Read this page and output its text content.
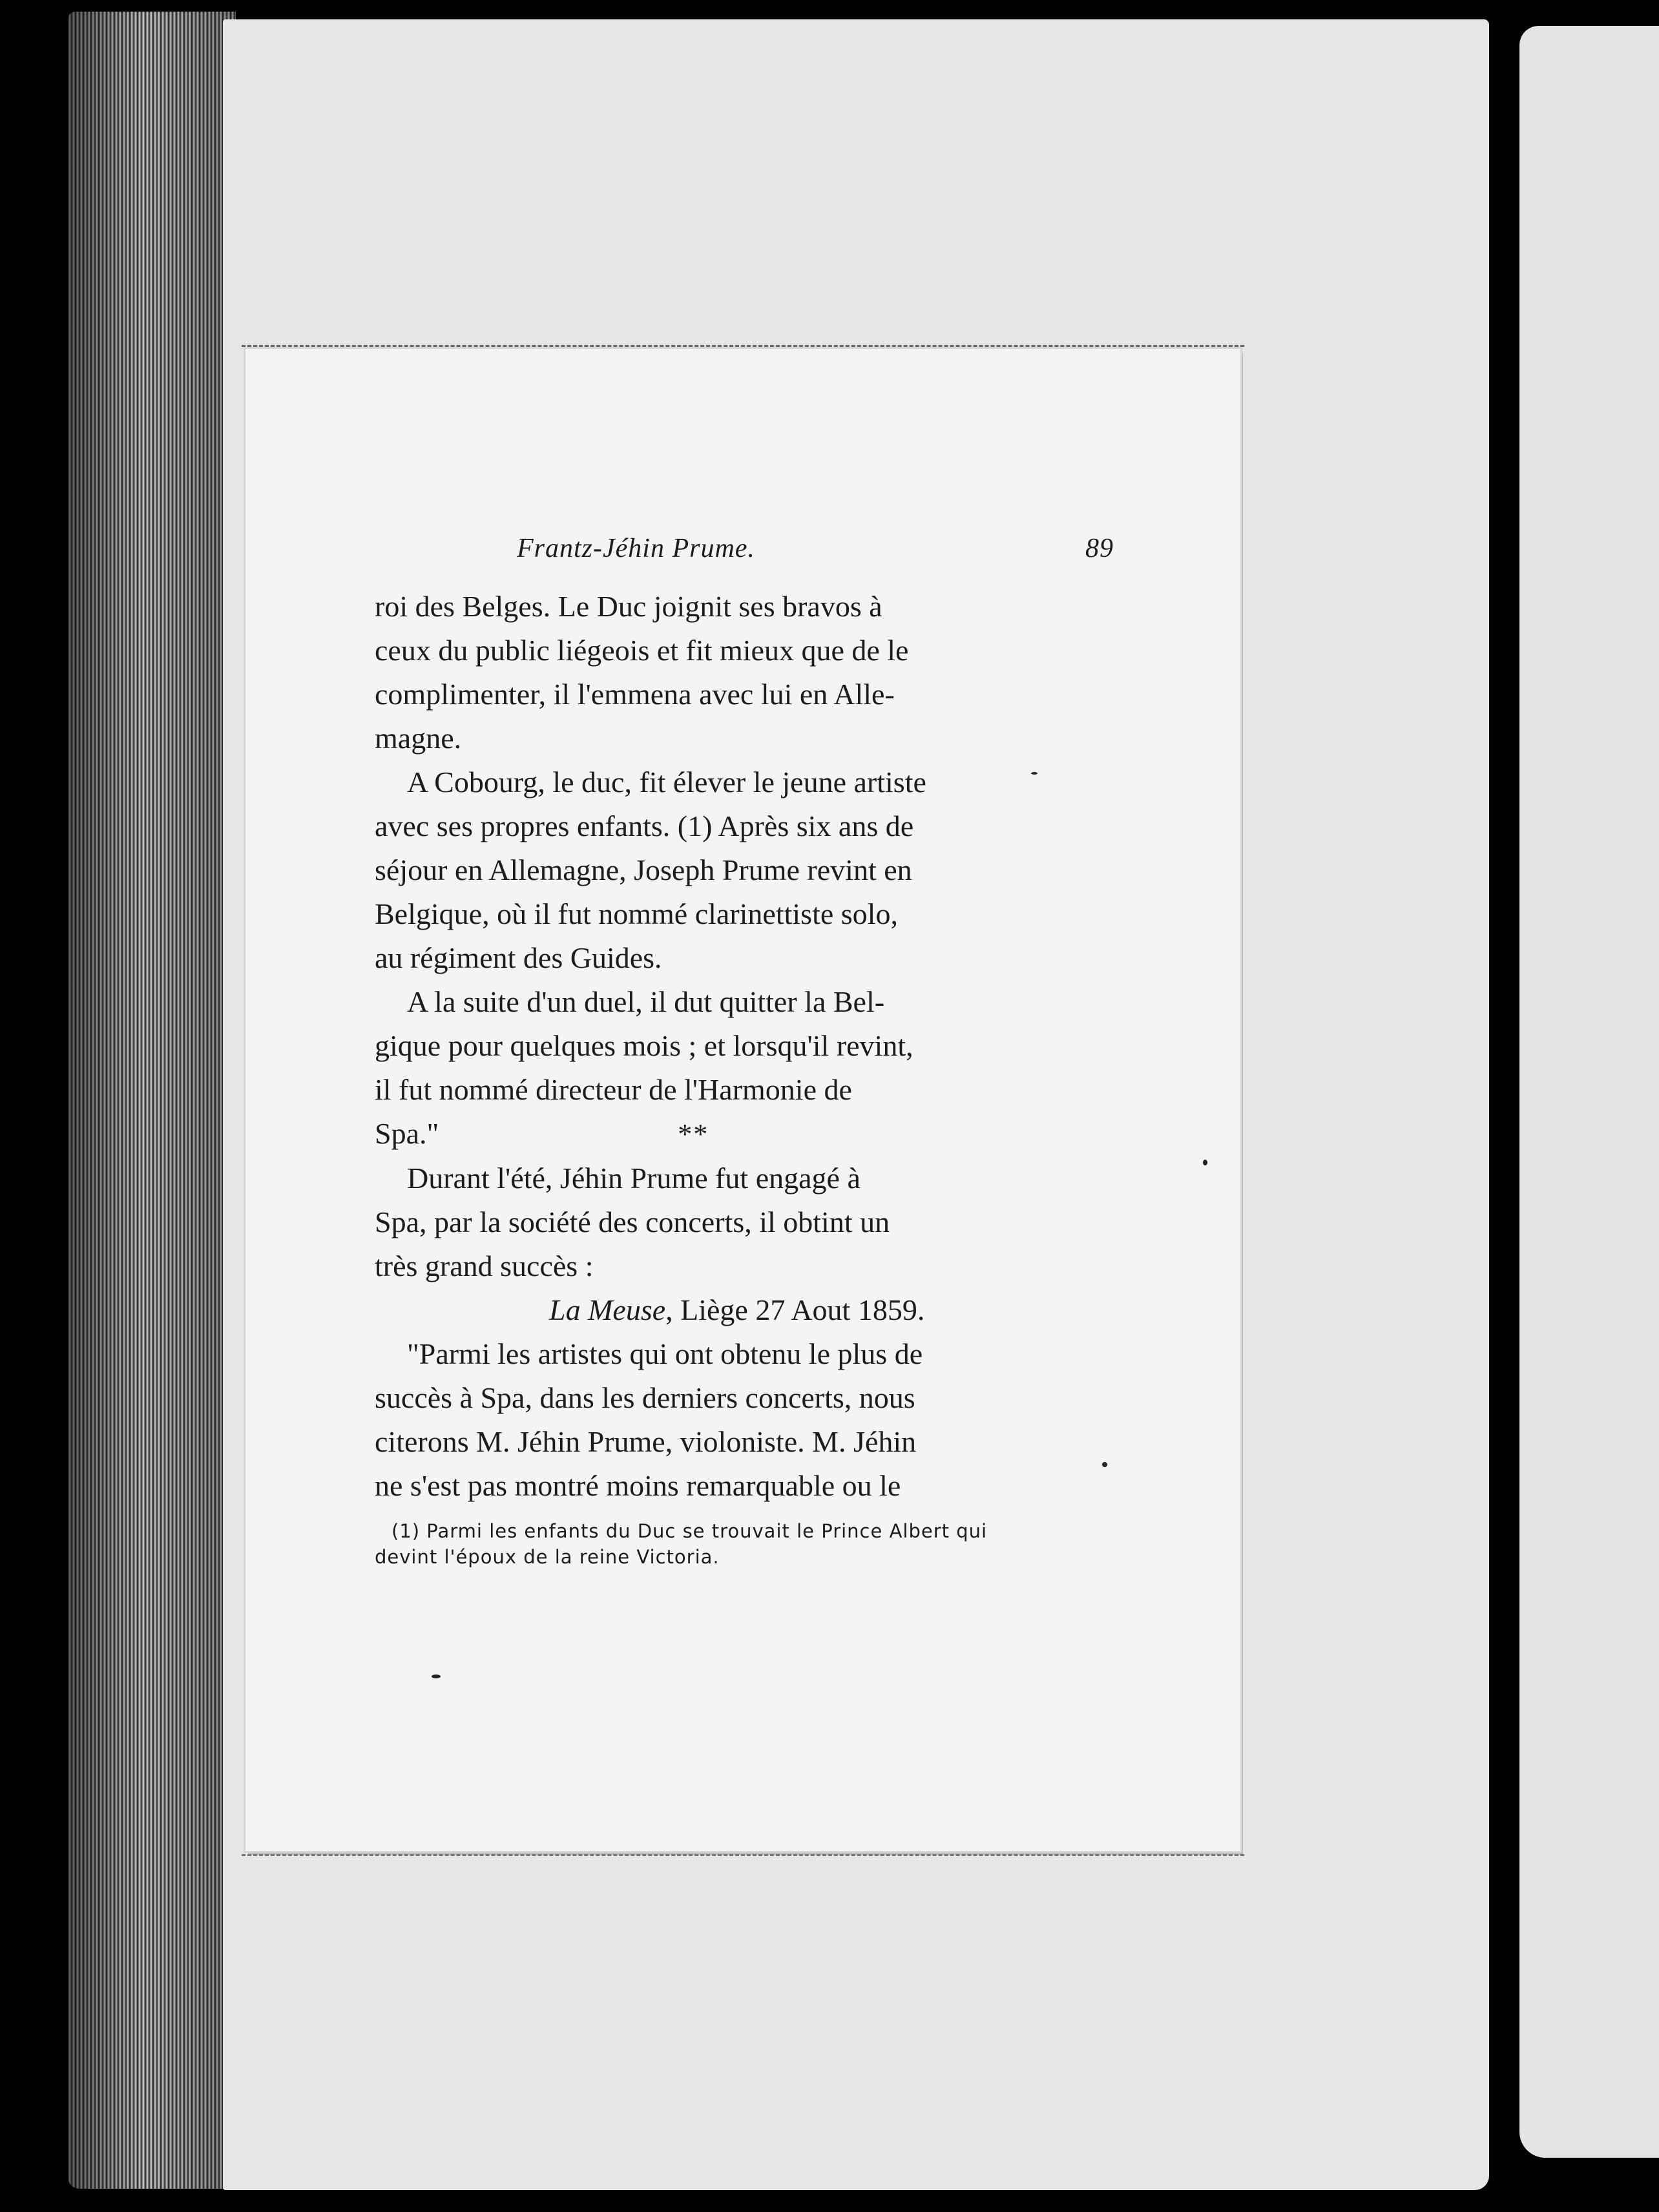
Frantz-Jéhin Prume.	89

roi des Belges. Le Duc joignit ses bravos à

ceux du public liégeois et fit mieux que de le

complimenter, il l'emmena avec lui en Alle-

magne.

A Cobourg, le duc, fit élever le jeune artiste

avec ses propres enfants. (1) Après six ans de

séjour en Allemagne, Joseph Prume revint en

Belgique, où il fut nommé clarinettiste solo,

au régiment des Guides.

A la suite d'un duel, il dut quitter la Bel-

gique pour quelques mois ; et lorsqu'il revint,

il fut nommé directeur de l'Harmonie de

Spa."	**

Durant l'été, Jéhin Prume fut engagé à

Spa, par la société des concerts, il obtint un

très grand succès :

La Meuse, Liège 27 Aout 1859.

"Parmi les artistes qui ont obtenu le plus de

succès à Spa, dans les derniers concerts, nous

citerons M. Jéhin Prume, violoniste. M. Jéhin

ne s'est pas montré moins remarquable ou le

(1) Parmi les enfants du Duc se trouvait le Prince Albert qui

devint l'époux de la reine Victoria.
